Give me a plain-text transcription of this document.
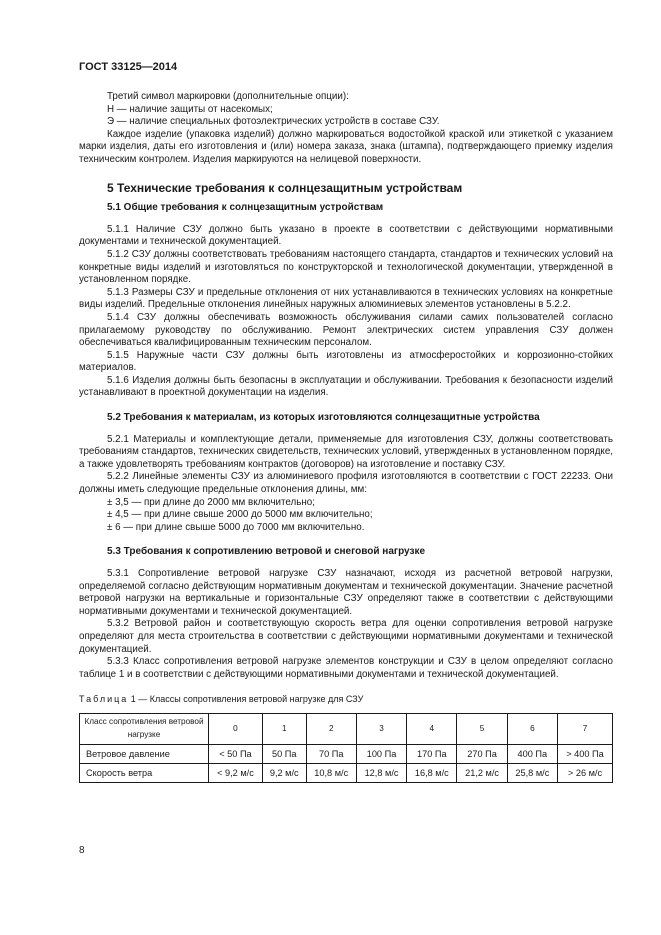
ГОСТ 33125—2014

Третий символ маркировки (дополнительные опции):

Н — наличие защиты от насекомых;

Э — наличие специальных фотоэлектрических устройств в составе СЗУ.

Каждое изделие (упаковка изделий) должно маркироваться водостойкой краской или этикеткой с указанием марки изделия, даты его изготовления и (или) номера заказа, знака (штампа), подтверждающего приемку изделия техническим контролем. Изделия маркируются на нелицевой поверхности.

5 Технические требования к солнцезащитным устройствам
5.1 Общие требования к солнцезащитным устройствам

5.1.1 Наличие СЗУ должно быть указано в проекте в соответствии с действующими нормативными документами и технической документацией.

5.1.2 СЗУ должны соответствовать требованиям настоящего стандарта, стандартов и технических условий на конкретные виды изделий и изготовляться по конструкторской и технологической документации, утвержденной в установленном порядке.

5.1.3 Размеры СЗУ и предельные отклонения от них устанавливаются в технических условиях на конкретные виды изделий. Предельные отклонения линейных наружных алюминиевых элементов установлены в 5.2.2.

5.1.4 СЗУ должны обеспечивать возможность обслуживания силами самих пользователей согласно прилагаемому руководству по обслуживанию. Ремонт электрических систем управления СЗУ должен обеспечиваться квалифицированным техническим персоналом.

5.1.5 Наружные части СЗУ должны быть изготовлены из атмосферостойких и коррозионно-стойких материалов.

5.1.6 Изделия должны быть безопасны в эксплуатации и обслуживании. Требования к безопасности изделий устанавливают в проектной документации на изделия.

5.2 Требования к материалам, из которых изготовляются солнцезащитные устройства

5.2.1 Материалы и комплектующие детали, применяемые для изготовления СЗУ, должны соответствовать требованиям стандартов, технических свидетельств, технических условий, утвержденных в установленном порядке, а также удовлетворять требованиям контрактов (договоров) на изготовление и поставку СЗУ.

5.2.2 Линейные элементы СЗУ из алюминиевого профиля изготовляются в соответствии с ГОСТ 22233. Они должны иметь следующие предельные отклонения длины, мм:

± 3,5 — при длине до 2000 мм включительно;

± 4,5 — при длине свыше 2000 до 5000 мм включительно;

± 6 — при длине свыше 5000 до 7000 мм включительно.

5.3 Требования к сопротивлению ветровой и снеговой нагрузке

5.3.1 Сопротивление ветровой нагрузке СЗУ назначают, исходя из расчетной ветровой нагрузки, определяемой согласно действующим нормативным документам и технической документации. Значение расчетной ветровой нагрузки на вертикальные и горизонтальные СЗУ определяют также в соответствии с действующими нормативными документами и технической документацией.

5.3.2 Ветровой район и соответствующую скорость ветра для оценки сопротивления ветровой нагрузке определяют для места строительства в соответствии с действующими нормативными документами и технической документацией.

5.3.3 Класс сопротивления ветровой нагрузке элементов конструкции и СЗУ в целом определяют согласно таблице 1 и в соответствии с действующими нормативными документами и технической документацией.

Таблица 1 — Классы сопротивления ветровой нагрузке для СЗУ
Класс сопротивления ветровой нагрузке	0	1	2	3	4	5	6	7
Ветровое давление	< 50 Па	50 Па	70 Па	100 Па	170 Па	270 Па	400 Па	> 400 Па
Скорость ветра	< 9,2 м/с	9,2 м/с	10,8 м/с	12,8 м/с	16,8 м/с	21,2 м/с	25,8 м/с	> 26 м/с
8
